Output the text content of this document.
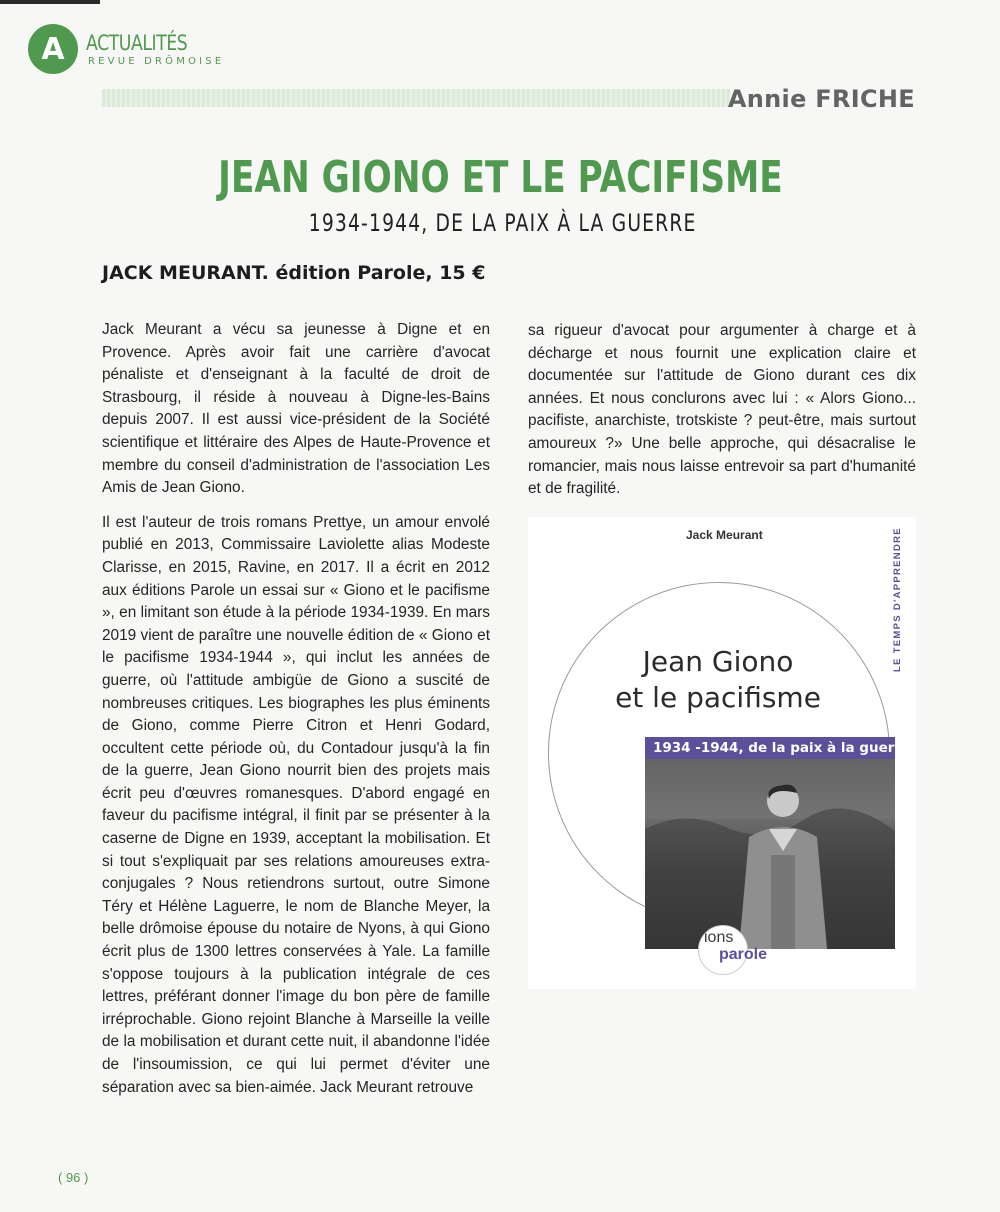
A ACTUALITÉS
REVUE DRÔMOISE
Annie FRICHE
JEAN GIONO ET LE PACIFISME
1934-1944, DE LA PAIX À LA GUERRE
JACK MEURANT. édition Parole, 15 €

Jack Meurant a vécu sa jeunesse à Digne et en Provence. Après avoir fait une carrière d'avocat pénaliste et d'enseignant à la faculté de droit de Strasbourg, il réside à nouveau à Digne-les-Bains depuis 2007. Il est aussi vice-président de la Société scientifique et littéraire des Alpes de Haute-Provence et membre du conseil d'administration de l'association Les Amis de Jean Giono.

Il est l'auteur de trois romans Prettye, un amour envolé publié en 2013, Commissaire Laviolette alias Modeste Clarisse, en 2015, Ravine, en 2017. Il a écrit en 2012 aux éditions Parole un essai sur « Giono et le pacifisme », en limitant son étude à la période 1934-1939. En mars 2019 vient de paraître une nouvelle édition de « Giono et le pacifisme 1934-1944 », qui inclut les années de guerre, où l'attitude ambigüe de Giono a suscité de nombreuses critiques. Les biographes les plus éminents de Giono, comme Pierre Citron et Henri Godard, occultent cette période où, du Contadour jusqu'à la fin de la guerre, Jean Giono nourrit bien des projets mais écrit peu d'œuvres romanesques. D'abord engagé en faveur du pacifisme intégral, il finit par se présenter à la caserne de Digne en 1939, acceptant la mobilisation. Et si tout s'expliquait par ses relations amoureuses extra-conjugales ? Nous retiendrons surtout, outre Simone Téry et Hélène Laguerre, le nom de Blanche Meyer, la belle drômoise épouse du notaire de Nyons, à qui Giono écrit plus de 1300 lettres conservées à Yale. La famille s'oppose toujours à la publication intégrale de ces lettres, préférant donner l'image du bon père de famille irréprochable. Giono rejoint Blanche à Marseille la veille de la mobilisation et durant cette nuit, il abandonne l'idée de l'insoumission, ce qui lui permet d'éviter une séparation avec sa bien-aimée. Jack Meurant retrouve

sa rigueur d'avocat pour argumenter à charge et à décharge et nous fournit une explication claire et documentée sur l'attitude de Giono durant ces dix années. Et nous conclurons avec lui : « Alors Giono... pacifiste, anarchiste, trotskiste ? peut-être, mais surtout amoureux ?» Une belle approche, qui désacralise le romancier, mais nous laisse entrevoir sa part d'humanité et de fragilité.

Jack Meurant	LE TEMPS D'APPRENDRE
Jean Giono
et le pacifisme
1934 -1944, de la paix à la guerre
ions
parole
( 96 )
